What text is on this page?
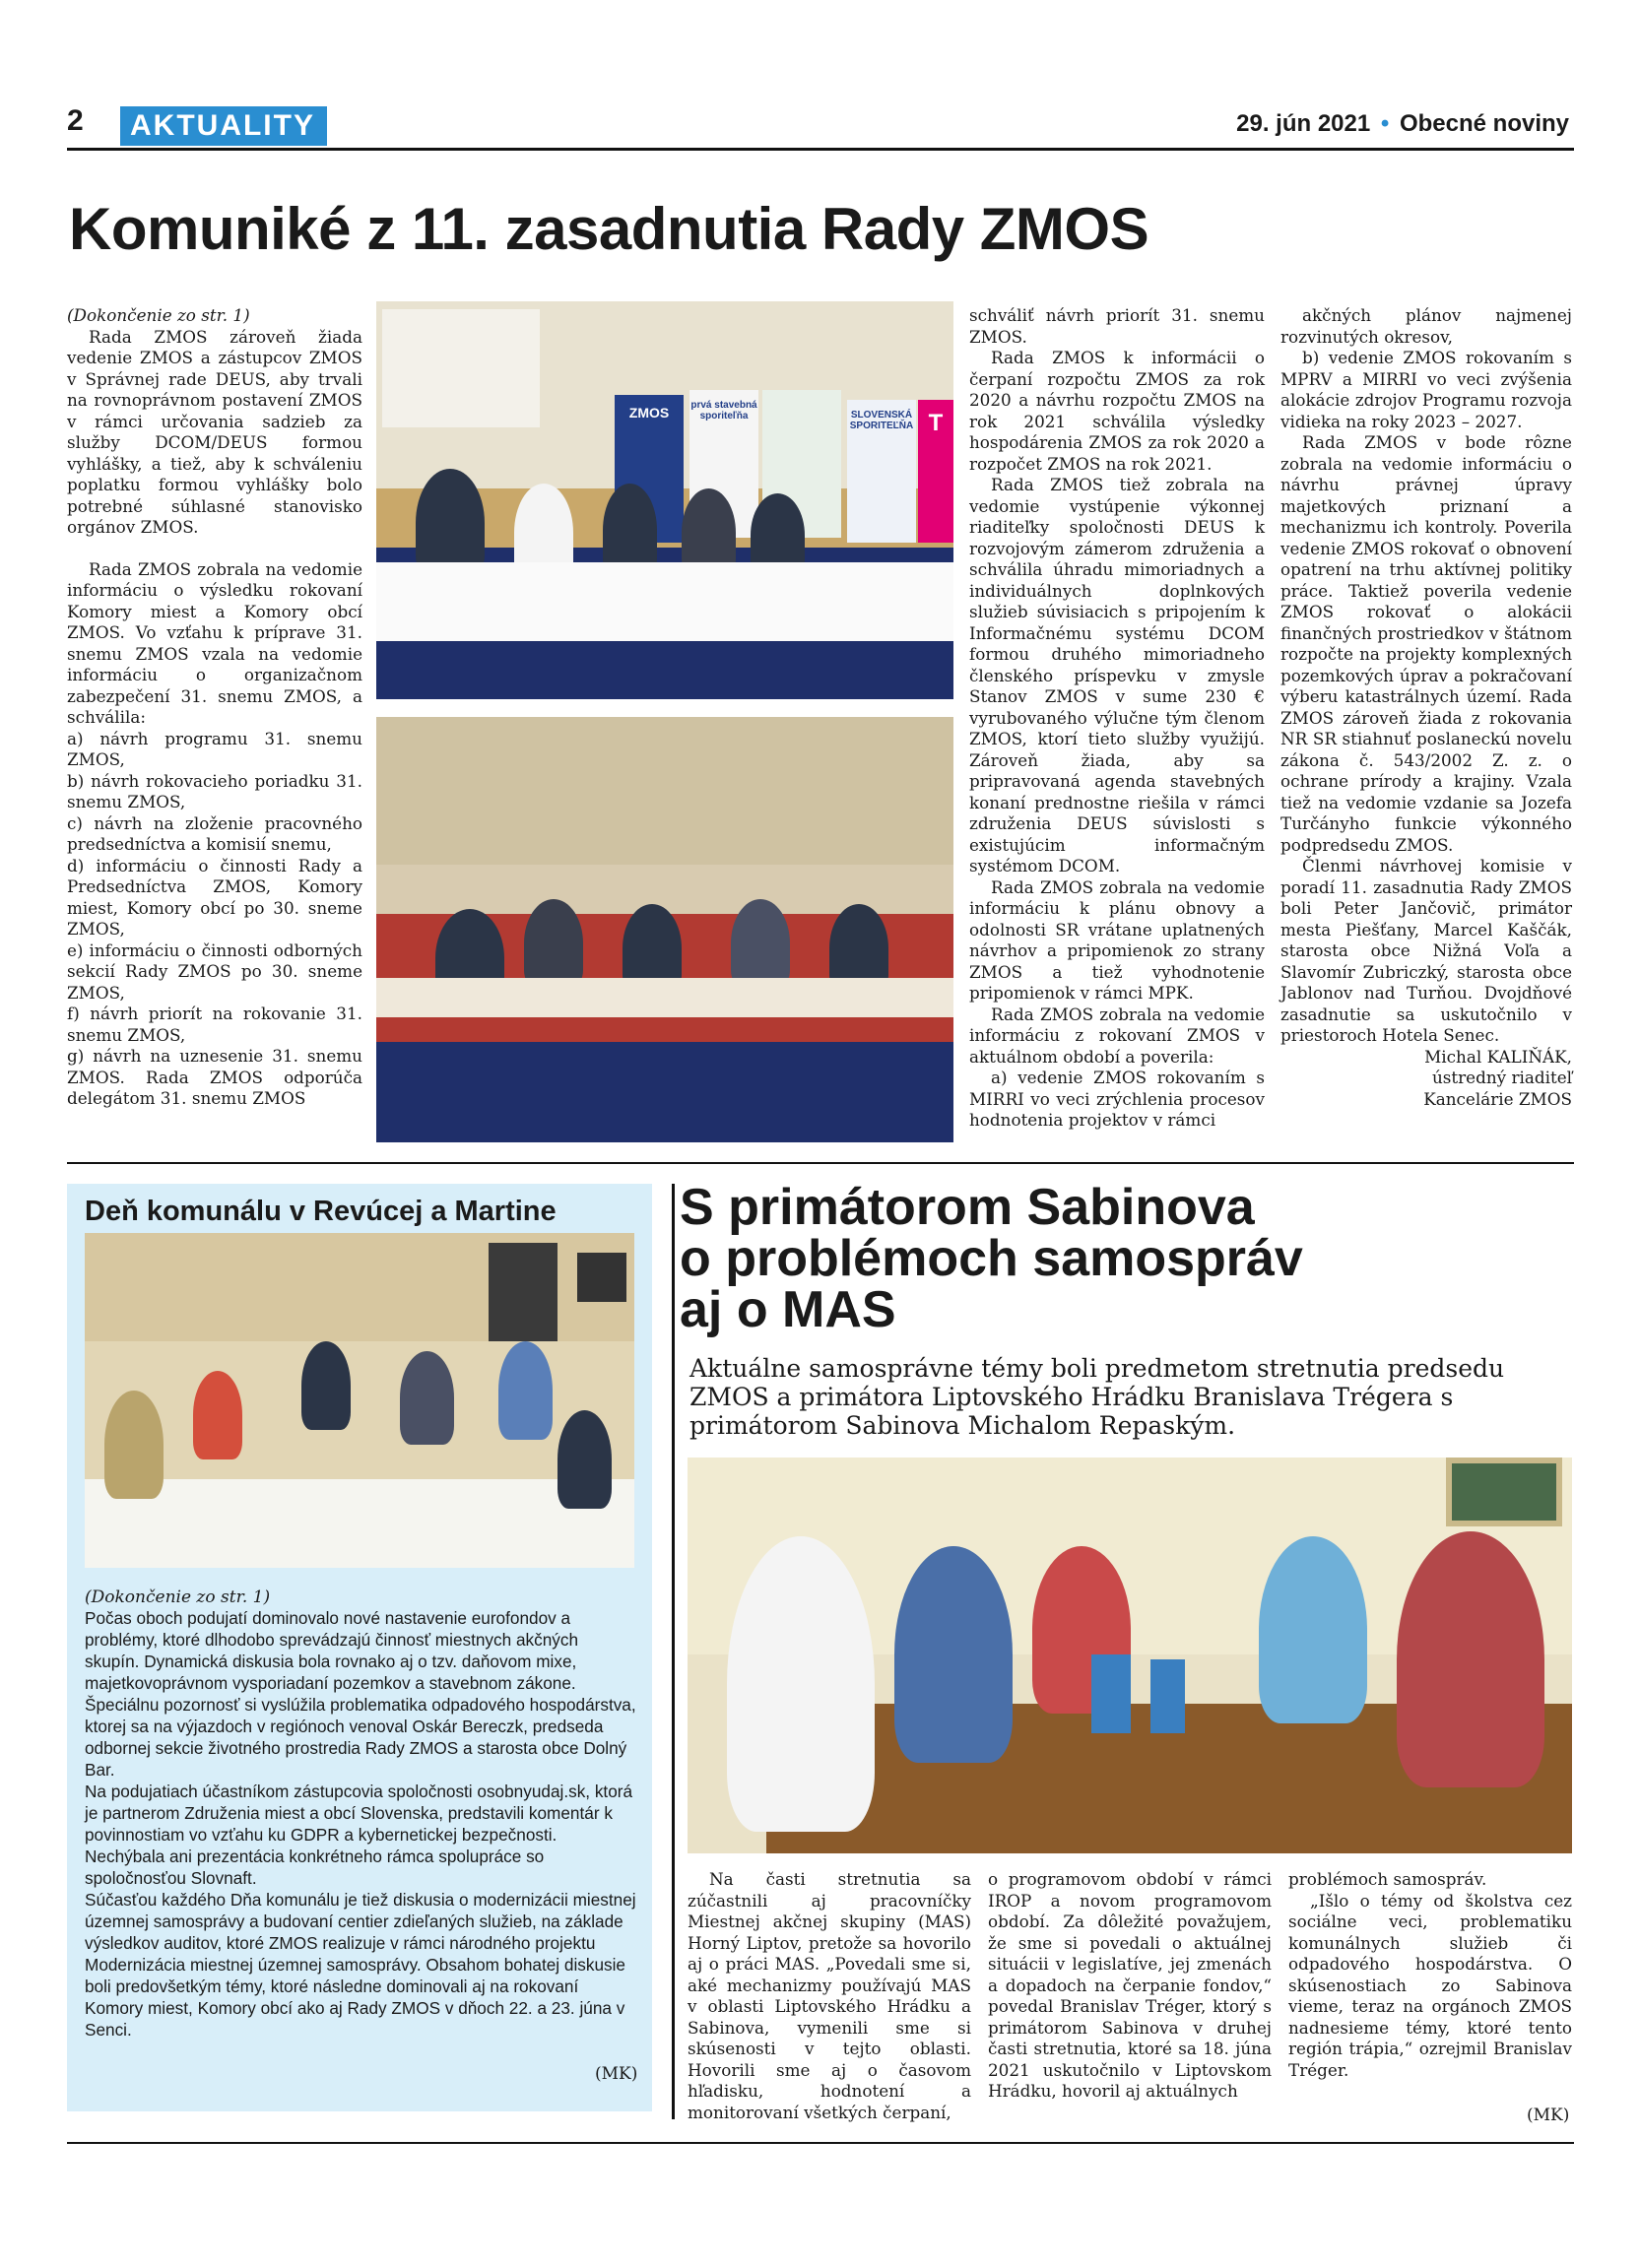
2	AKTUALITY	29. jún 2021 • Obecné noviny
Komuniké z 11. zasadnutia Rady ZMOS

(Dokončenie zo str. 1)

Rada ZMOS zároveň žiada vedenie ZMOS a zástupcov ZMOS v Správnej rade DEUS, aby trvali na rovnoprávnom postavení ZMOS v rámci určovania sadzieb za služby DCOM/DEUS formou vyhlášky, a tiež, aby k schváleniu poplatku formou vyhlášky bolo potrebné súhlasné stanovisko orgánov ZMOS.

Rada ZMOS zobrala na vedomie informáciu o výsledku rokovaní Komory miest a Komory obcí ZMOS. Vo vzťahu k príprave 31. snemu ZMOS vzala na vedomie informáciu o organizačnom zabezpečení 31. snemu ZMOS, a schválila:

a) návrh programu 31. snemu ZMOS,

b) návrh rokovacieho poriadku 31. snemu ZMOS,

c) návrh na zloženie pracovného predsedníctva a komisií snemu,

d) informáciu o činnosti Rady a Predsedníctva ZMOS, Komory miest, Komory obcí po 30. sneme ZMOS,

e) informáciu o činnosti odborných sekcií Rady ZMOS po 30. sneme ZMOS,

f) návrh priorít na rokovanie 31. snemu ZMOS,

g) návrh na uznesenie 31. snemu ZMOS. Rada ZMOS odporúča delegátom 31. snemu ZMOS

ZMOS	prvá stavebná sporiteľňa	SLOVENSKÁ SPORITEĽŇA T

schváliť návrh priorít 31. snemu ZMOS.

Rada ZMOS k informácii o čerpaní rozpočtu ZMOS za rok 2020 a návrhu rozpočtu ZMOS na rok 2021 schválila výsledky hospodárenia ZMOS za rok 2020 a rozpočet ZMOS na rok 2021.

Rada ZMOS tiež zobrala na vedomie vystúpenie výkonnej riaditeľky spoločnosti DEUS k rozvojovým zámerom združenia a schválila úhradu mimoriadnych a individuálnych doplnkových služieb súvisiacich s pripojením k Informačnému systému DCOM formou druhého mimoriadneho členského príspevku v zmysle Stanov ZMOS v sume 230 € vyrubovaného výlučne tým členom ZMOS, ktorí tieto služby využijú. Zároveň žiada, aby sa pripravovaná agenda stavebných konaní prednostne riešila v rámci združenia DEUS súvislosti s existujúcim informačným systémom DCOM.

Rada ZMOS zobrala na vedomie informáciu k plánu obnovy a odolnosti SR vrátane uplatnených návrhov a pripomienok zo strany ZMOS a tiež vyhodnotenie pripomienok v rámci MPK.

Rada ZMOS zobrala na vedomie informáciu z rokovaní ZMOS v aktuálnom období a poverila:

a) vedenie ZMOS rokovaním s MIRRI vo veci zrýchlenia procesov hodnotenia projektov v rámci

akčných plánov najmenej rozvinutých okresov,

b) vedenie ZMOS rokovaním s MPRV a MIRRI vo veci zvýšenia alokácie zdrojov Programu rozvoja vidieka na roky 2023 – 2027.

Rada ZMOS v bode rôzne zobrala na vedomie informáciu o návrhu právnej úpravy majetkových priznaní a mechanizmu ich kontroly. Poverila vedenie ZMOS rokovať o obnovení opatrení na trhu aktívnej politiky práce. Taktiež poverila vedenie ZMOS rokovať o alokácii finančných prostriedkov v štátnom rozpočte na projekty komplexných pozemkových úprav a pokračovaní výberu katastrálnych území. Rada ZMOS zároveň žiada z rokovania NR SR stiahnuť poslaneckú novelu zákona č. 543/2002 Z. z. o ochrane prírody a krajiny. Vzala tiež na vedomie vzdanie sa Jozefa Turčányho funkcie výkonného podpredsedu ZMOS.

Členmi návrhovej komisie v poradí 11. zasadnutia Rady ZMOS boli Peter Jančovič, primátor mesta Piešťany, Marcel Kaščák, starosta obce Nižná Voľa a Slavomír Zubriczký, starosta obce Jablonov nad Turňou. Dvojdňové zasadnutie sa uskutočnilo v priestoroch Hotela Senec.

Michal KALIŇÁK,

ústredný riaditeľ

Kancelárie ZMOS

Deň komunálu v Revúcej a Martine

(Dokončenie zo str. 1)

Počas oboch podujatí dominovalo nové nastavenie eurofondov a problémy, ktoré dlhodobo sprevádzajú činnosť miestnych akčných skupín. Dynamická diskusia bola rovnako aj o tzv. daňovom mixe, majetkovoprávnom vysporiadaní pozemkov a stavebnom zákone. Špeciálnu pozornosť si vyslúžila problematika odpadového hospodárstva, ktorej sa na výjazdoch v regiónoch venoval Oskár Bereczk, predseda odbornej sekcie životného prostredia Rady ZMOS a starosta obce Dolný Bar.

Na podujatiach účastníkom zástupcovia spoločnosti osobnyudaj.sk, ktorá je partnerom Združenia miest a obcí Slovenska, predstavili komentár k povinnostiam vo vzťahu ku GDPR a kybernetickej bezpečnosti. Nechýbala ani prezentácia konkrétneho rámca spolupráce so spoločnosťou Slovnaft.

Súčasťou každého Dňa komunálu je tiež diskusia o modernizácii miestnej územnej samosprávy a budovaní centier zdieľaných služieb, na základe výsledkov auditov, ktoré ZMOS realizuje v rámci národného projektu Modernizácia miestnej územnej samosprávy. Obsahom bohatej diskusie boli predovšetkým témy, ktoré následne dominovali aj na rokovaní Komory miest, Komory obcí ako aj Rady ZMOS v dňoch 22. a 23. júna v Senci.

(MK)
S primátorom Sabinova
o problémoch samospráv
aj o MAS

Aktuálne samosprávne témy boli predmetom stretnutia predsedu ZMOS a primátora Liptovského Hrádku Branislava Trégera s primátorom Sabinova Michalom Repaským.

Na časti stretnutia sa zúčastnili aj pracovníčky Miestnej akčnej skupiny (MAS) Horný Liptov, pretože sa hovorilo aj o práci MAS. „Povedali sme si, aké mechanizmy používajú MAS v oblasti Liptovského Hrádku a Sabinova, vymenili sme si skúsenosti v tejto oblasti. Hovorili sme aj o časovom hľadisku, hodnotení a monitorovaní všetkých čerpaní,
o programovom období v rámci IROP a novom programovom období. Za dôležité považujem, že sme si povedali o aktuálnej situácii v legislatíve, jej zmenách a dopadoch na čerpanie fondov,“ povedal Branislav Tréger, ktorý s primátorom Sabinova v druhej časti stretnutia, ktoré sa 18. júna 2021 uskutočnilo v Liptovskom Hrádku, hovoril aj aktuálnych

problémoch samospráv.

„Išlo o témy od školstva cez sociálne veci, problematiku komunálnych služieb či odpadového hospodárstva. O skúsenostiach zo Sabinova vieme, teraz na orgánoch ZMOS nadnesieme témy, ktoré tento región trápia,“ ozrejmil Branislav Tréger.

(MK)
